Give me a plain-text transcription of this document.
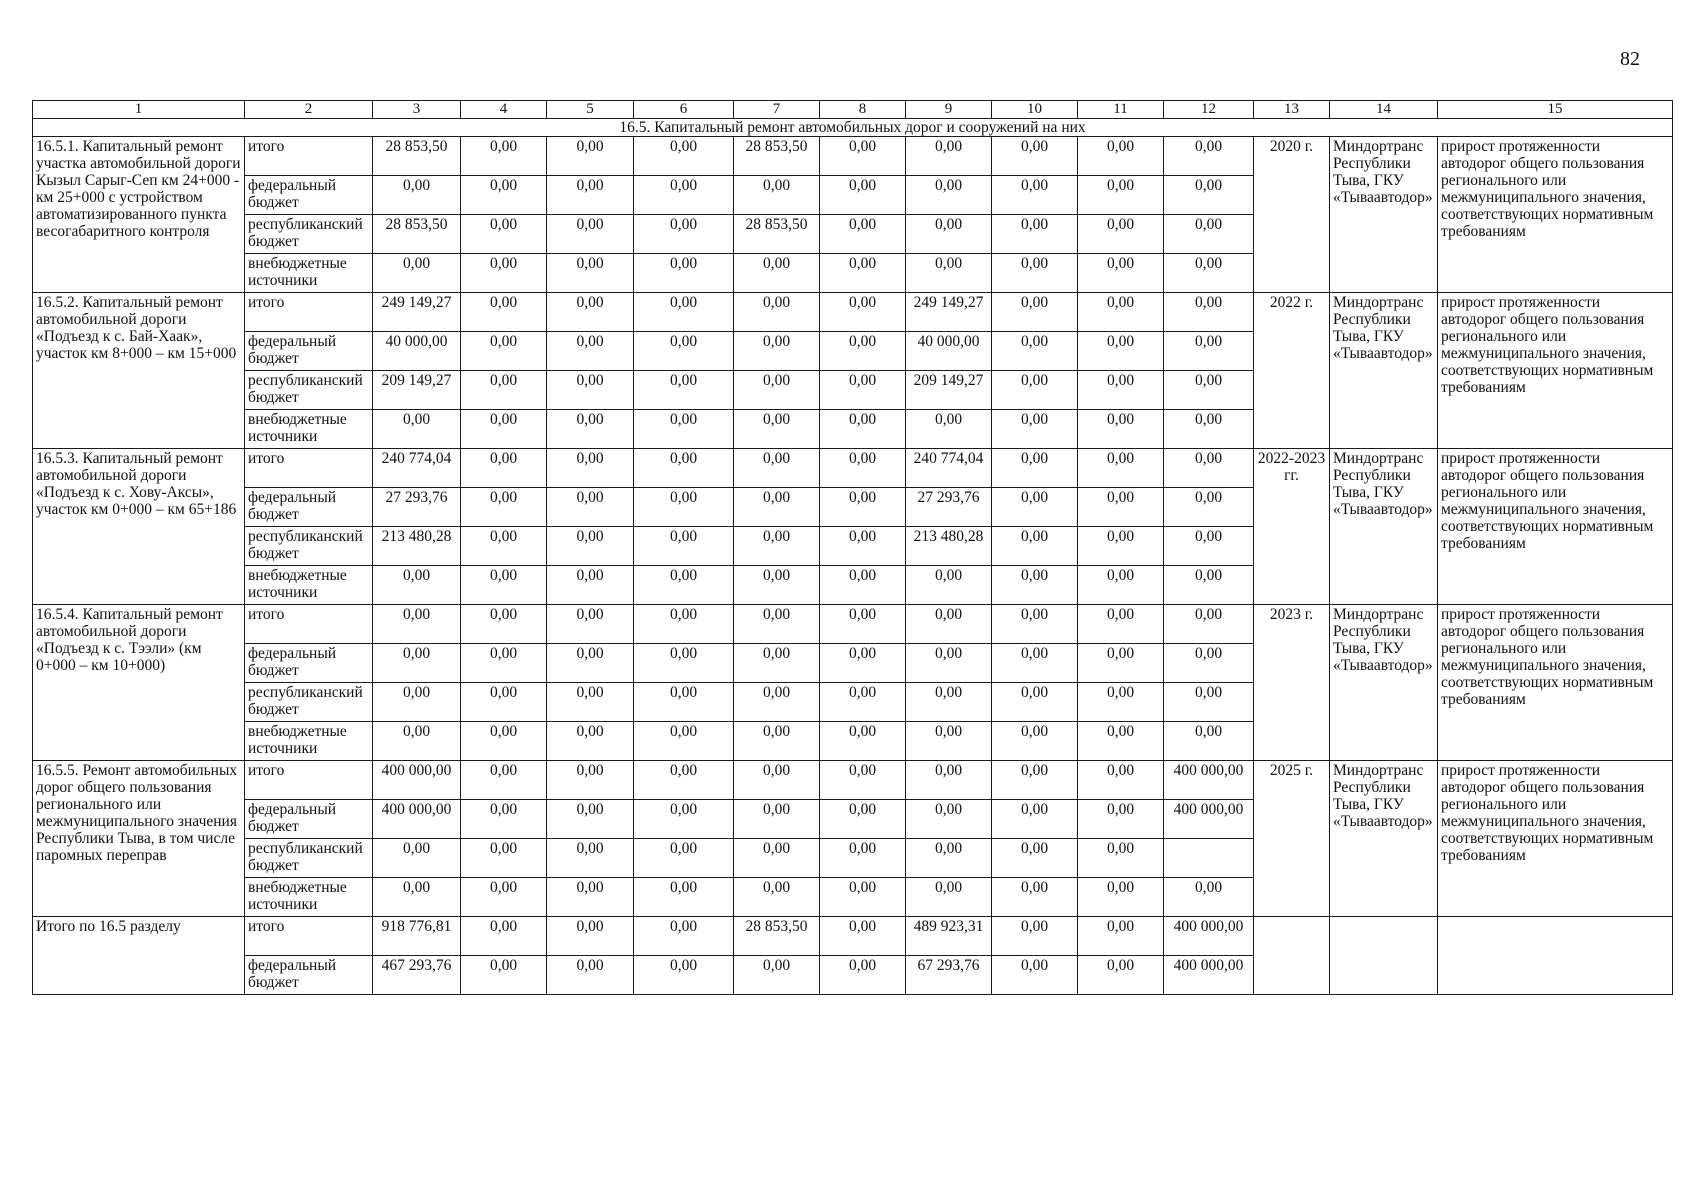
82
1	2	3	4	5	6	7	8	9	10	11	12	13	14	15
16.5. Капитальный ремонт автомобильных дорог и сооружений на них														
16.5.1. Капитальный ремонт участка автомобильной дороги Кызыл Сарыг-Сеп км 24+000 - км 25+000 с устройством автоматизированного пункта весогабаритного контроля	итого	28 853,50	0,00	0,00	0,00	28 853,50	0,00	0,00	0,00	0,00	0,00	2020 г.	Миндортранс Республики Тыва, ГКУ «Тываавтодор»	прирост протяженности автодорог общего пользования регионального или межмуниципального значения, соответствующих нормативным требованиям
	федеральный бюджет	0,00	0,00	0,00	0,00	0,00	0,00	0,00	0,00	0,00	0,00			
	республиканский бюджет	28 853,50	0,00	0,00	0,00	28 853,50	0,00	0,00	0,00	0,00	0,00			
	внебюджетные источники	0,00	0,00	0,00	0,00	0,00	0,00	0,00	0,00	0,00	0,00			
16.5.2. Капитальный ремонт автомобильной дороги «Подъезд к с. Бай-Хаак», участок км 8+000 – км 15+000	итого	249 149,27	0,00	0,00	0,00	0,00	0,00	249 149,27	0,00	0,00	0,00	2022 г.	Миндортранс Республики Тыва, ГКУ «Тываавтодор»	прирост протяженности автодорог общего пользования регионального или межмуниципального значения, соответствующих нормативным требованиям
	федеральный бюджет	40 000,00	0,00	0,00	0,00	0,00	0,00	40 000,00	0,00	0,00	0,00			
	республиканский бюджет	209 149,27	0,00	0,00	0,00	0,00	0,00	209 149,27	0,00	0,00	0,00			
	внебюджетные источники	0,00	0,00	0,00	0,00	0,00	0,00	0,00	0,00	0,00	0,00			
16.5.3. Капитальный ремонт автомобильной дороги «Подъезд к с. Хову-Аксы», участок км 0+000 – км 65+186	итого	240 774,04	0,00	0,00	0,00	0,00	0,00	240 774,04	0,00	0,00	0,00	2022-2023 гг.	Миндортранс Республики Тыва, ГКУ «Тываавтодор»	прирост протяженности автодорог общего пользования регионального или межмуниципального значения, соответствующих нормативным требованиям
	федеральный бюджет	27 293,76	0,00	0,00	0,00	0,00	0,00	27 293,76	0,00	0,00	0,00			
	республиканский бюджет	213 480,28	0,00	0,00	0,00	0,00	0,00	213 480,28	0,00	0,00	0,00			
	внебюджетные источники	0,00	0,00	0,00	0,00	0,00	0,00	0,00	0,00	0,00	0,00			
16.5.4. Капитальный ремонт автомобильной дороги «Подъезд к с. Тээли» (км 0+000 – км 10+000)	итого	0,00	0,00	0,00	0,00	0,00	0,00	0,00	0,00	0,00	0,00	2023 г.	Миндортранс Республики Тыва, ГКУ «Тываавтодор»	прирост протяженности автодорог общего пользования регионального или межмуниципального значения, соответствующих нормативным требованиям
	федеральный бюджет	0,00	0,00	0,00	0,00	0,00	0,00	0,00	0,00	0,00	0,00			
	республиканский бюджет	0,00	0,00	0,00	0,00	0,00	0,00	0,00	0,00	0,00	0,00			
	внебюджетные источники	0,00	0,00	0,00	0,00	0,00	0,00	0,00	0,00	0,00	0,00			
16.5.5. Ремонт автомобильных дорог общего пользования регионального или межмуниципального значения Республики Тыва, в том числе паромных переправ	итого	400 000,00	0,00	0,00	0,00	0,00	0,00	0,00	0,00	0,00	400 000,00	2025 г.	Миндортранс Республики Тыва, ГКУ «Тываавтодор»	прирост протяженности автодорог общего пользования регионального или межмуниципального значения, соответствующих нормативным требованиям
	федеральный бюджет	400 000,00	0,00	0,00	0,00	0,00	0,00	0,00	0,00	0,00	400 000,00			
	республиканский бюджет	0,00	0,00	0,00	0,00	0,00	0,00	0,00	0,00	0,00				
	внебюджетные источники	0,00	0,00	0,00	0,00	0,00	0,00	0,00	0,00	0,00	0,00			
Итого по 16.5 разделу	итого	918 776,81	0,00	0,00	0,00	28 853,50	0,00	489 923,31	0,00	0,00	400 000,00			
	федеральный бюджет	467 293,76	0,00	0,00	0,00	0,00	0,00	67 293,76	0,00	0,00	400 000,00			
